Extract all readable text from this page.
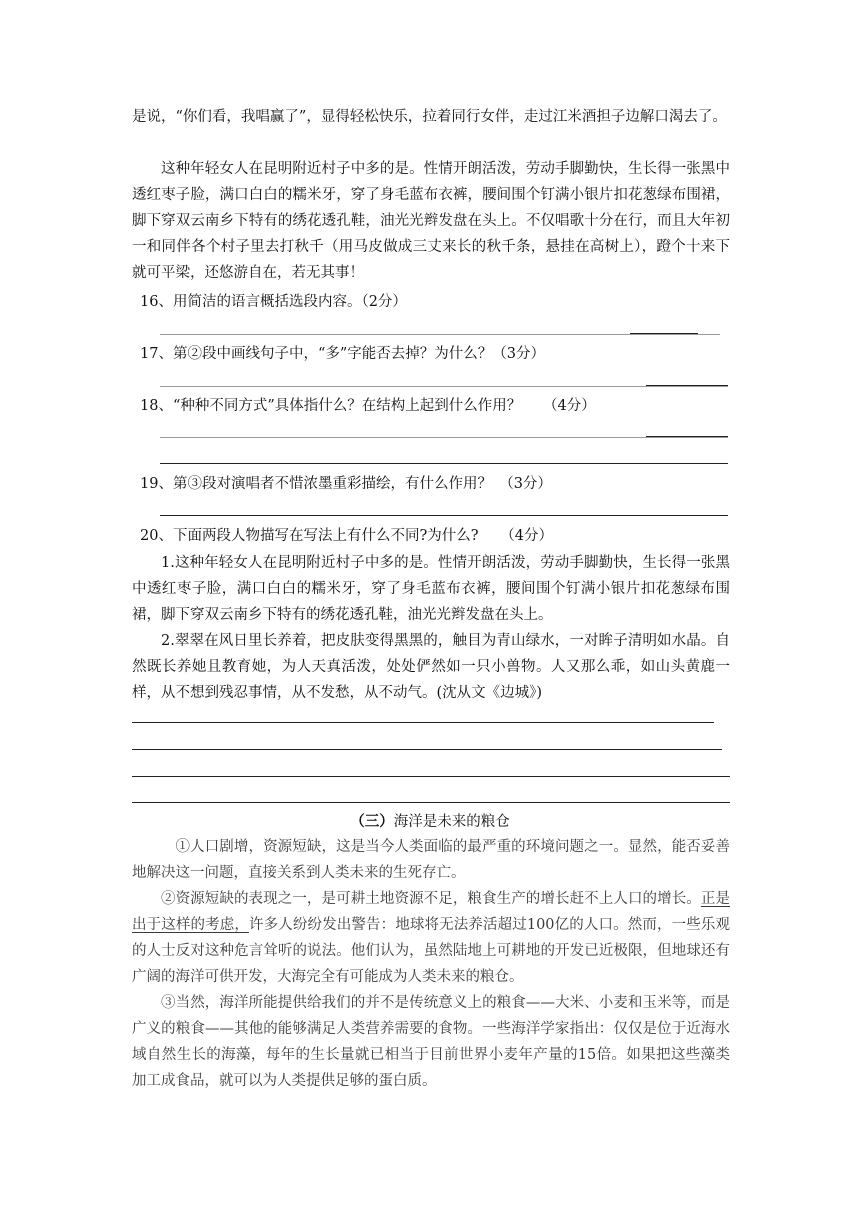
是说，“你们看，我唱赢了”，显得轻松快乐，拉着同行女伴，走过江米酒担子边解口渴去了。

这种年轻女人在昆明附近村子中多的是。性情开朗活泼，劳动手脚勤快，生长得一张黑中透红枣子脸，满口白白的糯米牙，穿了身毛蓝布衣裤，腰间围个钉满小银片扣花葱绿布围裙，脚下穿双云南乡下特有的绣花透孔鞋，油光光辫发盘在头上。不仅唱歌十分在行，而且大年初一和同伴各个村子里去打秋千（用马皮做成三丈来长的秋千条，悬挂在高树上），蹬个十来下就可平梁，还悠游自在，若无其事！

16、用简洁的语言概括选段内容。（2分）

17、第②段中画线句子中，“多”字能否去掉？为什么？（3分）

18、“种种不同方式”具体指什么？在结构上起到什么作用？　　（4分）

19、第③段对演唱者不惜浓墨重彩描绘，有什么作用？　（3分）

20、下面两段人物描写在写法上有什么不同?为什么?　　（4分）

1.这种年轻女人在昆明附近村子中多的是。性情开朗活泼，劳动手脚勤快，生长得一张黑中透红枣子脸，满口白白的糯米牙，穿了身毛蓝布衣裤，腰间围个钉满小银片扣花葱绿布围裙，脚下穿双云南乡下特有的绣花透孔鞋，油光光辫发盘在头上。

2.翠翠在风日里长养着，把皮肤变得黑黑的，触目为青山绿水，一对眸子清明如水晶。自然既长养她且教育她，为人天真活泼，处处俨然如一只小兽物。人又那么乖，如山头黄鹿一样，从不想到残忍事情，从不发愁，从不动气。(沈从文《边城》)

（三）海洋是未来的粮仓

①人口剧增，资源短缺，这是当今人类面临的最严重的环境问题之一。显然，能否妥善地解决这一问题，直接关系到人类未来的生死存亡。

②资源短缺的表现之一，是可耕土地资源不足，粮食生产的增长赶不上人口的增长。正是出于这样的考虑，许多人纷纷发出警告：地球将无法养活超过100亿的人口。然而，一些乐观的人士反对这种危言耸听的说法。他们认为，虽然陆地上可耕地的开发已近极限，但地球还有广阔的海洋可供开发，大海完全有可能成为人类未来的粮仓。

③当然，海洋所能提供给我们的并不是传统意义上的粮食——大米、小麦和玉米等，而是广义的粮食——其他的能够满足人类营养需要的食物。一些海洋学家指出：仅仅是位于近海水域自然生长的海藻，每年的生长量就已相当于目前世界小麦年产量的15倍。如果把这些藻类加工成食品，就可以为人类提供足够的蛋白质。
